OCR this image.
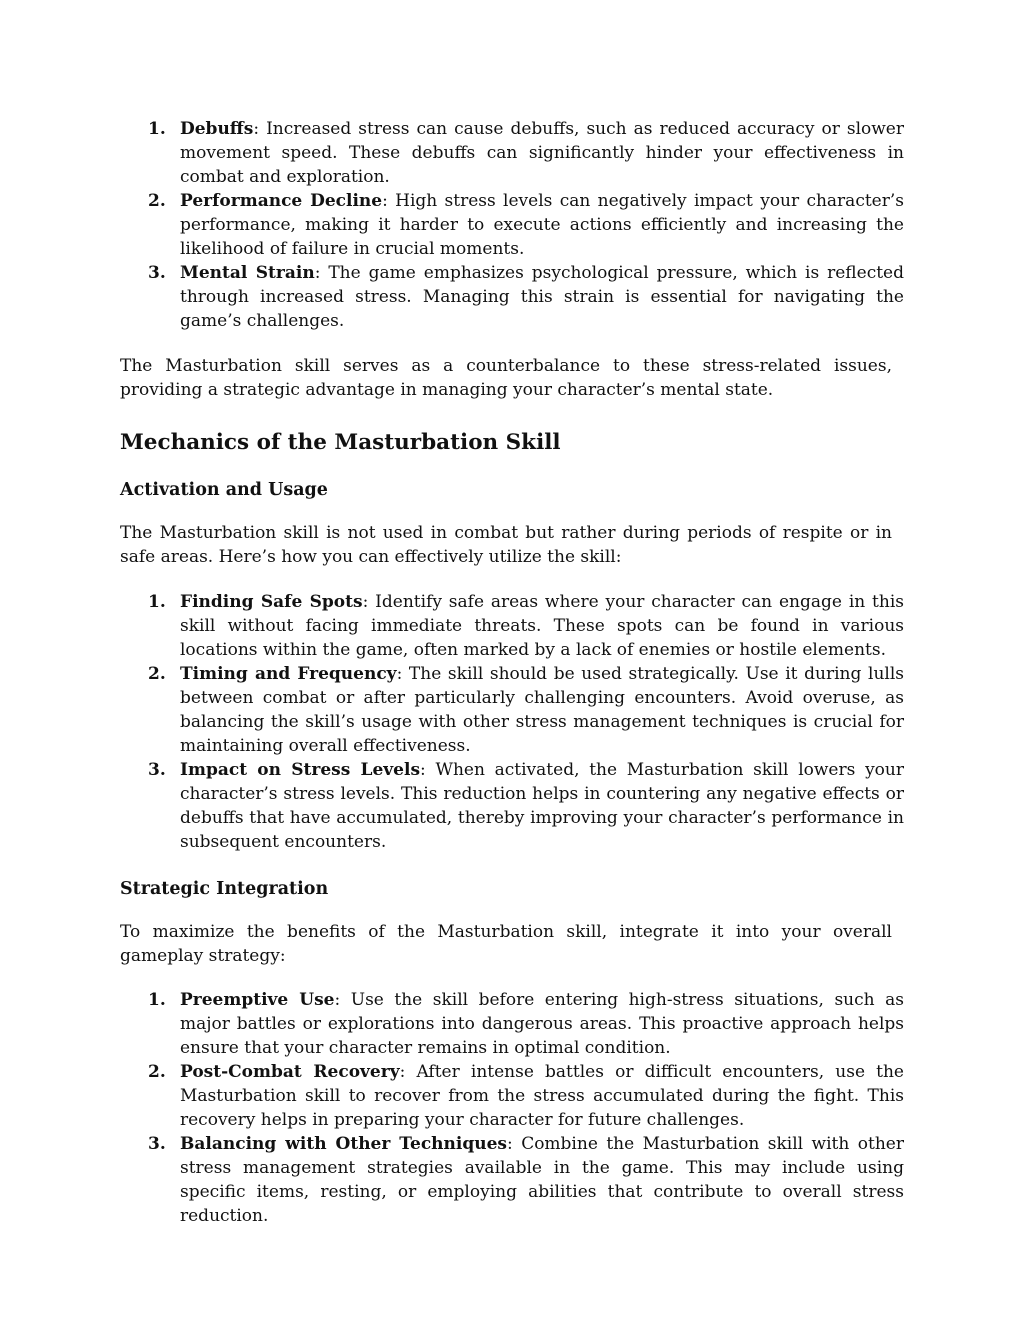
1. Debuffs: Increased stress can cause debuffs, such as reduced accuracy or slower movement speed. These debuffs can significantly hinder your effectiveness in combat and exploration.
2. Performance Decline: High stress levels can negatively impact your character’s performance, making it harder to execute actions efficiently and increasing the likelihood of failure in crucial moments.
3. Mental Strain: The game emphasizes psychological pressure, which is reflected through increased stress. Managing this strain is essential for navigating the game’s challenges.

The Masturbation skill serves as a counterbalance to these stress-related issues, providing a strategic advantage in managing your character’s mental state.

Mechanics of the Masturbation Skill
Activation and Usage

The Masturbation skill is not used in combat but rather during periods of respite or in safe areas. Here’s how you can effectively utilize the skill:

1. Finding Safe Spots: Identify safe areas where your character can engage in this skill without facing immediate threats. These spots can be found in various locations within the game, often marked by a lack of enemies or hostile elements.
2. Timing and Frequency: The skill should be used strategically. Use it during lulls between combat or after particularly challenging encounters. Avoid overuse, as balancing the skill’s usage with other stress management techniques is crucial for maintaining overall effectiveness.
3. Impact on Stress Levels: When activated, the Masturbation skill lowers your character’s stress levels. This reduction helps in countering any negative effects or debuffs that have accumulated, thereby improving your character’s performance in subsequent encounters.
Strategic Integration

To maximize the benefits of the Masturbation skill, integrate it into your overall gameplay strategy:

1. Preemptive Use: Use the skill before entering high-stress situations, such as major battles or explorations into dangerous areas. This proactive approach helps ensure that your character remains in optimal condition.
2. Post-Combat Recovery: After intense battles or difficult encounters, use the Masturbation skill to recover from the stress accumulated during the fight. This recovery helps in preparing your character for future challenges.
3. Balancing with Other Techniques: Combine the Masturbation skill with other stress management strategies available in the game. This may include using specific items, resting, or employing abilities that contribute to overall stress reduction.
